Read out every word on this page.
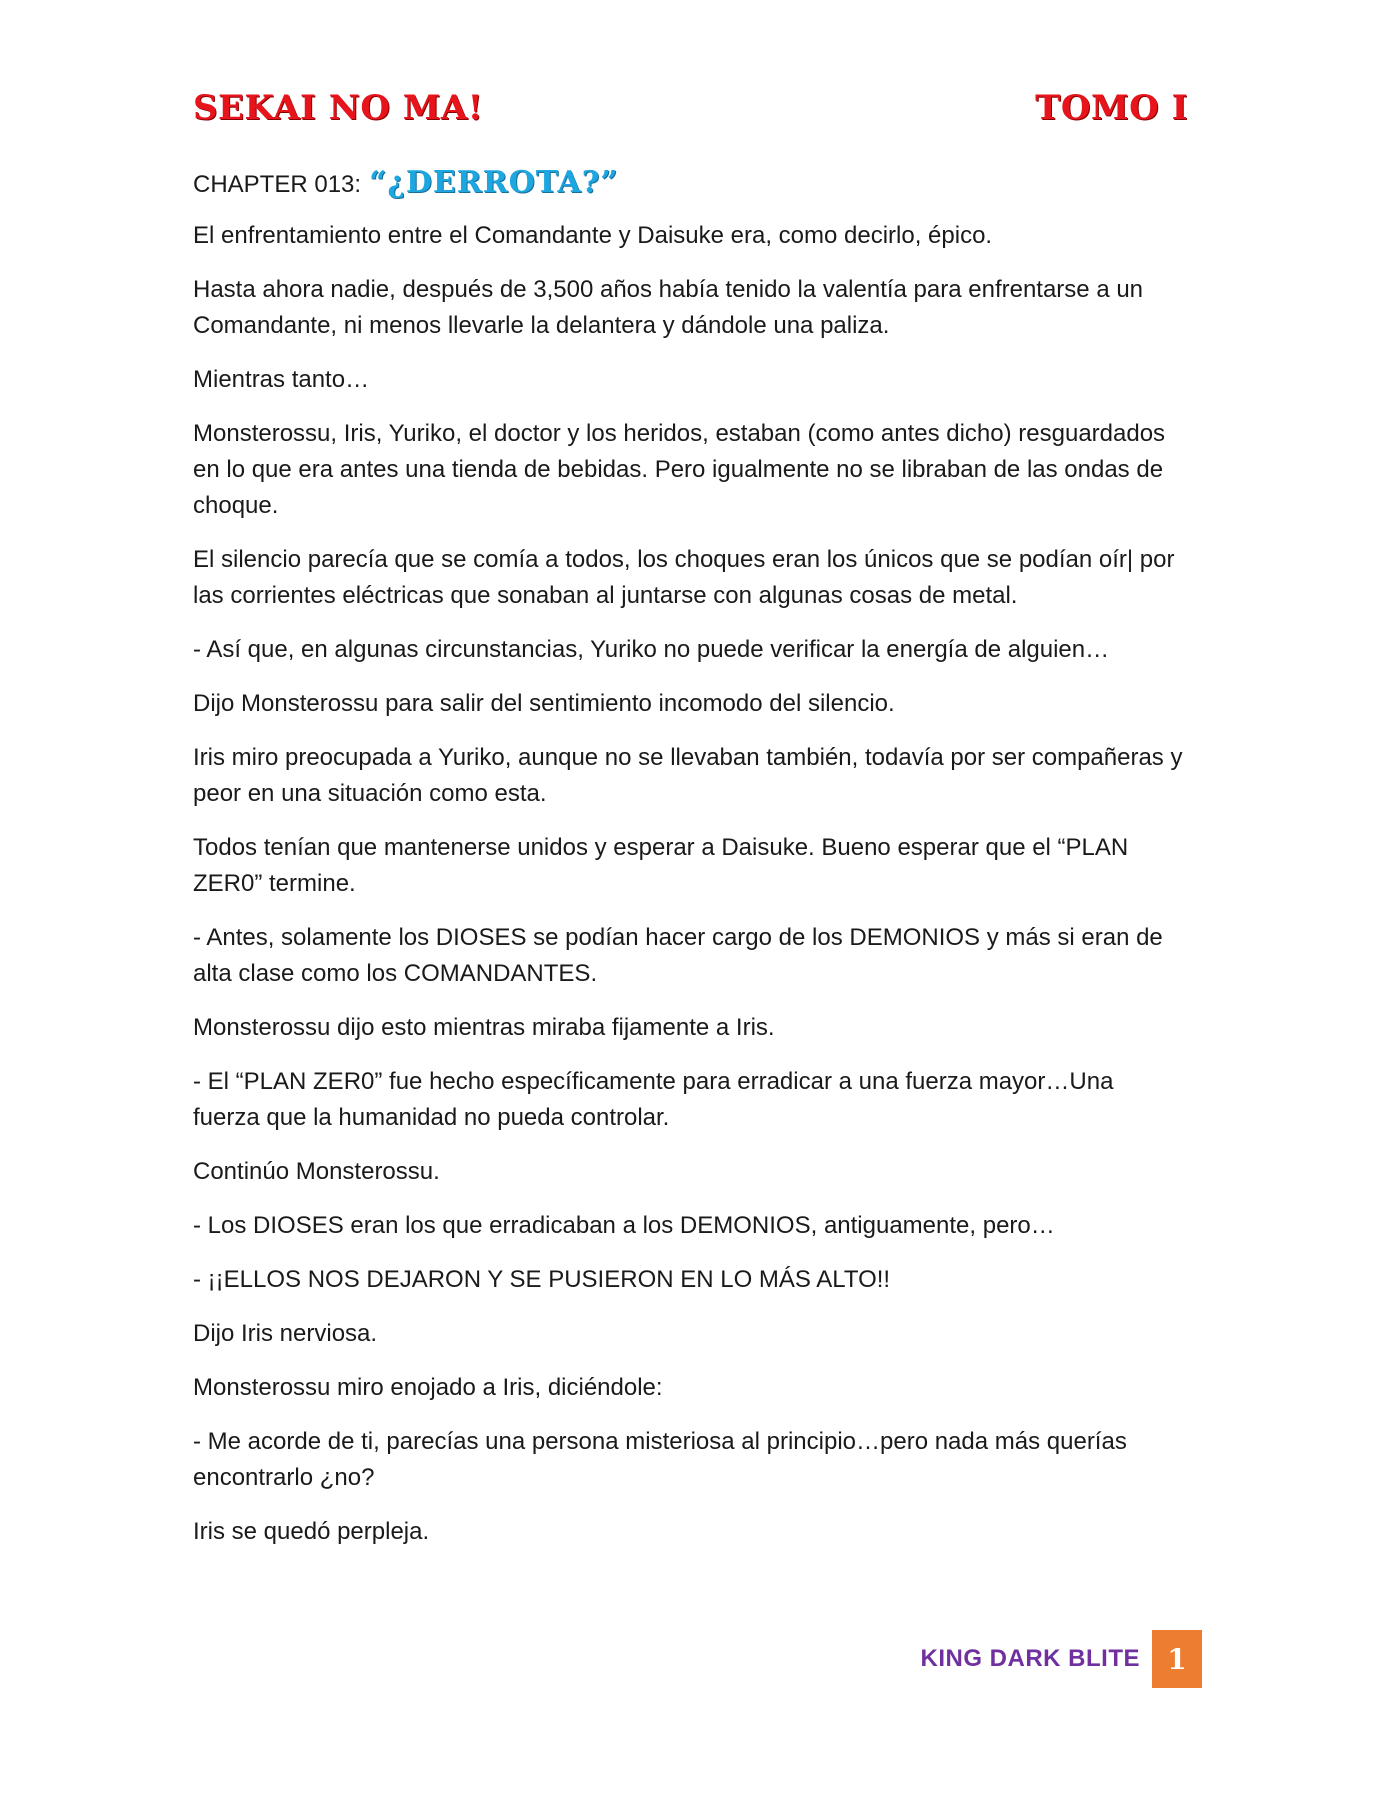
SEKAI NO MA!	TOMO I
CHAPTER 013: “¿DERROTA?”

El enfrentamiento entre el Comandante y Daisuke era, como decirlo, épico.

Hasta ahora nadie, después de 3,500 años había tenido la valentía para enfrentarse a un Comandante, ni menos llevarle la delantera y dándole una paliza.

Mientras tanto…

Monsterossu, Iris, Yuriko, el doctor y los heridos, estaban (como antes dicho) resguardados en lo que era antes una tienda de bebidas. Pero igualmente no se libraban de las ondas de choque.

El silencio parecía que se comía a todos, los choques eran los únicos que se podían oír| por las corrientes eléctricas que sonaban al juntarse con algunas cosas de metal.

- Así que, en algunas circunstancias, Yuriko no puede verificar la energía de alguien…

Dijo Monsterossu para salir del sentimiento incomodo del silencio.

Iris miro preocupada a Yuriko, aunque no se llevaban también, todavía por ser compañeras y peor en una situación como esta.

Todos tenían que mantenerse unidos y esperar a Daisuke. Bueno esperar que el “PLAN ZER0” termine.

- Antes, solamente los DIOSES se podían hacer cargo de los DEMONIOS y más si eran de alta clase como los COMANDANTES.

Monsterossu dijo esto mientras miraba fijamente a Iris.

- El “PLAN ZER0” fue hecho específicamente para erradicar a una fuerza mayor…Una fuerza que la humanidad no pueda controlar.

Continúo Monsterossu.

- Los DIOSES eran los que erradicaban a los DEMONIOS, antiguamente, pero…

- ¡¡ELLOS NOS DEJARON Y SE PUSIERON EN LO MÁS ALTO!!

Dijo Iris nerviosa.

Monsterossu miro enojado a Iris, diciéndole:

- Me acorde de ti, parecías una persona misteriosa al principio…pero nada más querías encontrarlo ¿no?

Iris se quedó perpleja.

KING DARK BLITE 1
